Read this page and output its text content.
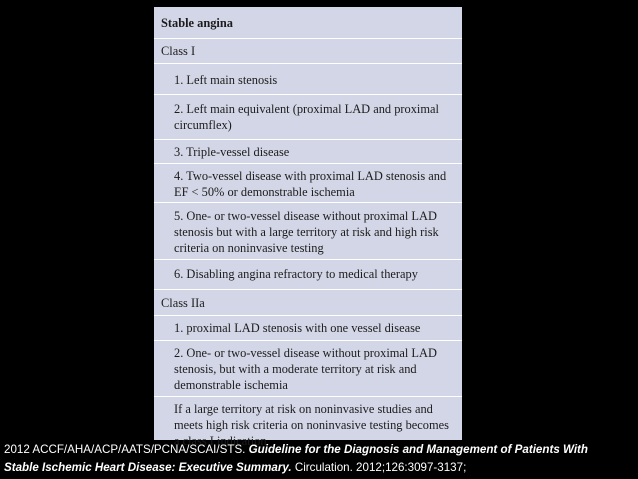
Stable angina
Class I
1. Left main stenosis
2. Left main equivalent (proximal LAD and proximal circumflex)
3. Triple-vessel disease
4. Two-vessel disease with proximal LAD stenosis and EF < 50% or demonstrable ischemia
5. One- or two-vessel disease without proximal LAD stenosis but with a large territory at risk and high risk criteria on noninvasive testing
6. Disabling angina refractory to medical therapy
Class IIa
1. proximal LAD stenosis with one vessel disease
2. One- or two-vessel disease without proximal LAD stenosis, but with a moderate territory at risk and demonstrable ischemia
If a large territory at risk on noninvasive studies and meets high risk criteria on noninvasive testing becomes a class I indication
2012 ACCF/AHA/ACP/AATS/PCNA/SCAI/STS. Guideline for the Diagnosis and Management of Patients With
Stable Ischemic Heart Disease: Executive Summary. Circulation. 2012;126:3097-3137;
